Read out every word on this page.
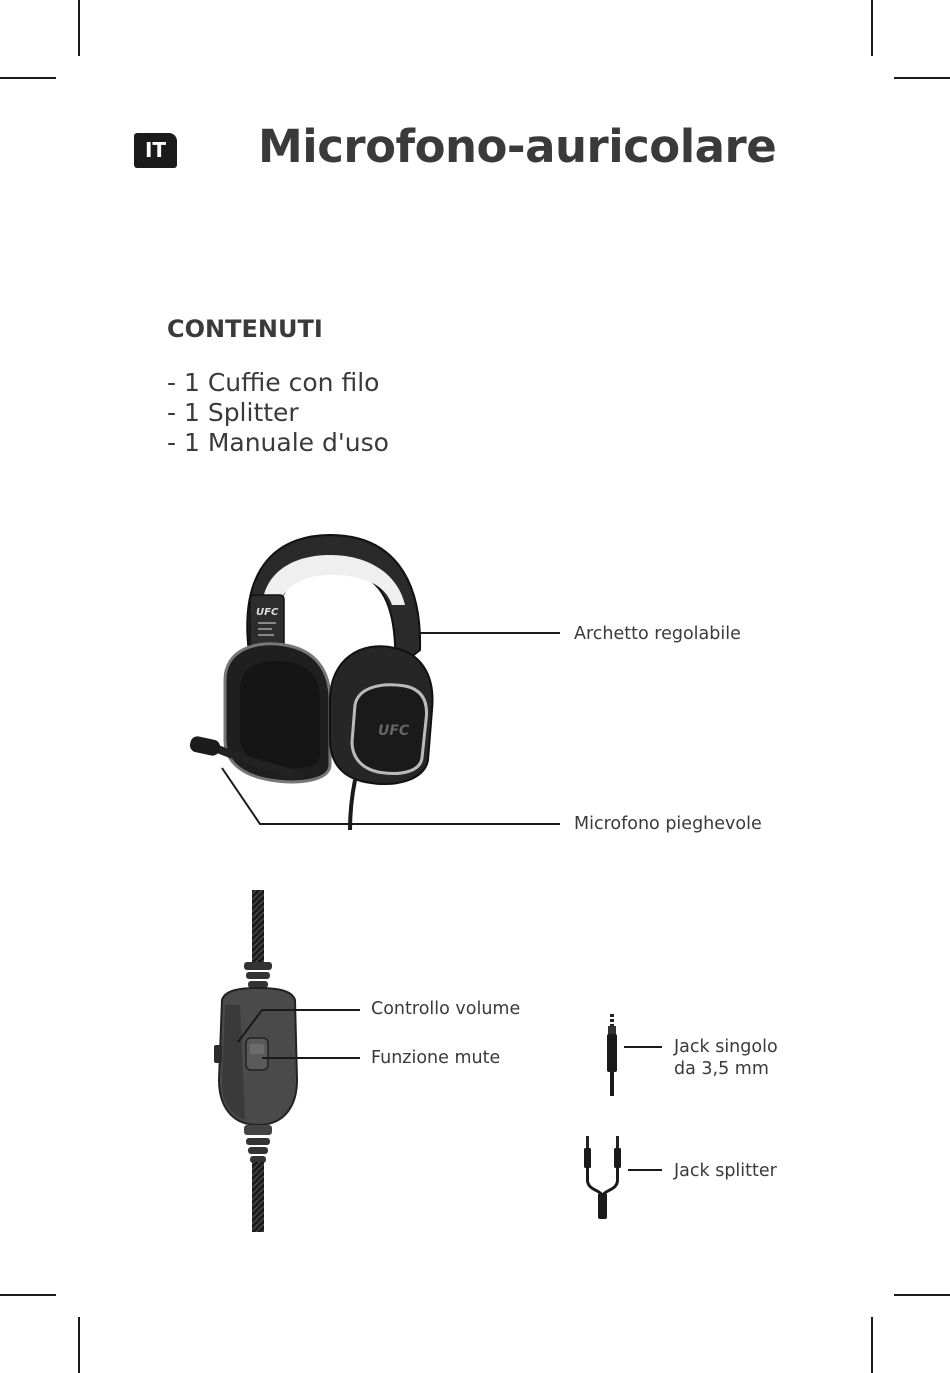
IT Microfono-auricolare
CONTENUTI
- 1 Cuffie con filo
- 1 Splitter
- 1 Manuale d'uso
UFC
UFC
Archetto regolabile
Microfono pieghevole
Controllo volume
Funzione mute
Jack singolo
da 3,5 mm
Jack splitter
